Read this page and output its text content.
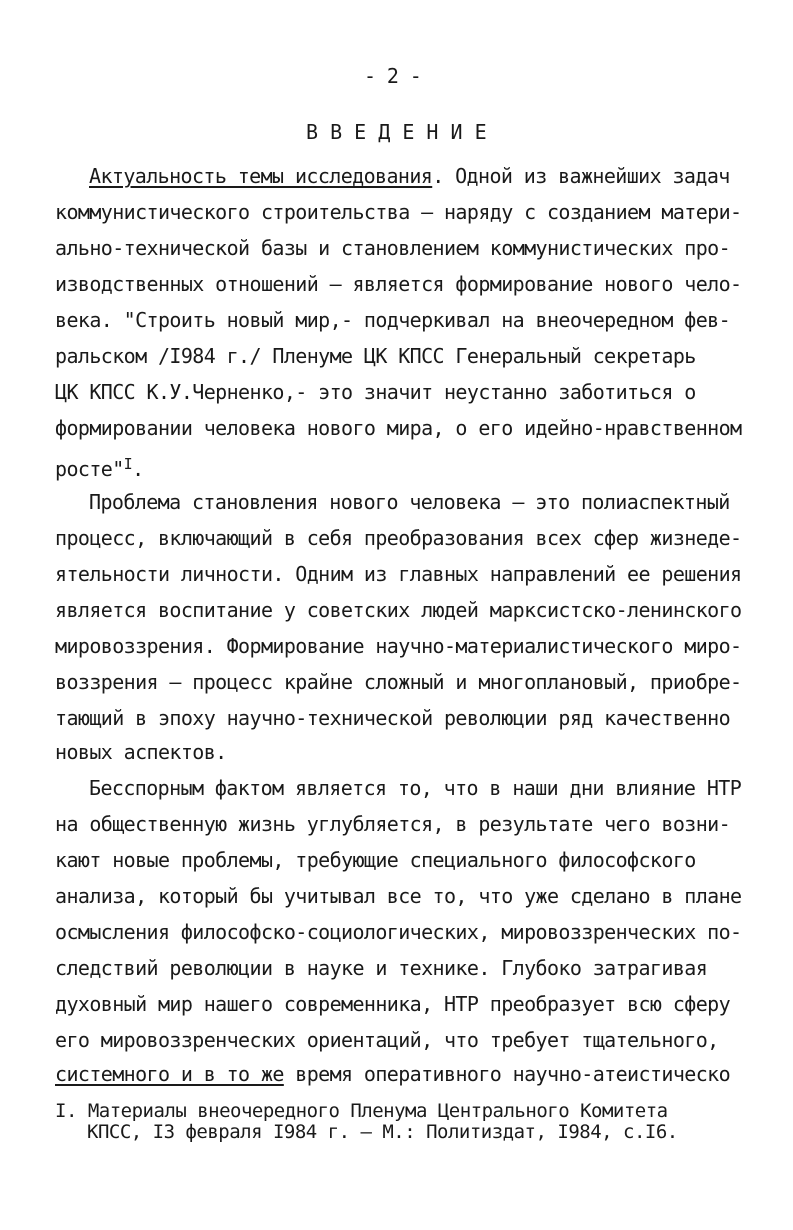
- 2 -
В В Е Д Е Н И Е
Актуальность темы исследования. Одной из важнейших задач
коммунистического строительства – наряду с созданием матери-
ально-технической базы и становлением коммунистических про-
изводственных отношений – является формирование нового чело-
века. "Строить новый мир,- подчеркивал на внеочередном фев-
ральском /I984 г./ Пленуме ЦК КПСС Генеральный секретарь
ЦК КПСС К.У.Черненко,- это значит неустанно заботиться о
формировании человека нового мира, о его идейно-нравственном
росте"$^I$.
Проблема становления нового человека – это полиаспектный
процесс, включающий в себя преобразования всех сфер жизнеде-
ятельности личности. Одним из главных направлений ее решения
является воспитание у советских людей марксистско-ленинского
мировоззрения. Формирование научно-материалистического миро-
воззрения – процесс крайне сложный и многоплановый, приобре-
тающий в эпоху научно-технической революции ряд качественно
новых аспектов.
Бесспорным фактом является то, что в наши дни влияние НТР
на общественную жизнь углубляется, в результате чего возни-
кают новые проблемы, требующие специального философского
анализа, который бы учитывал все то, что уже сделано в плане
осмысления философско-социологических, мировоззренческих по-
следствий революции в науке и технике. Глубоко затрагивая
духовный мир нашего современника, НТР преобразует всю сферу
его мировоззренческих ориентаций, что требует тщательного,
системного и в то же время оперативного научно-атеистическо
I. Материалы внеочередного Пленума Центрального Комитета
КПСС, I3 февраля I984 г. – М.: Политиздат, I984, с.I6.
